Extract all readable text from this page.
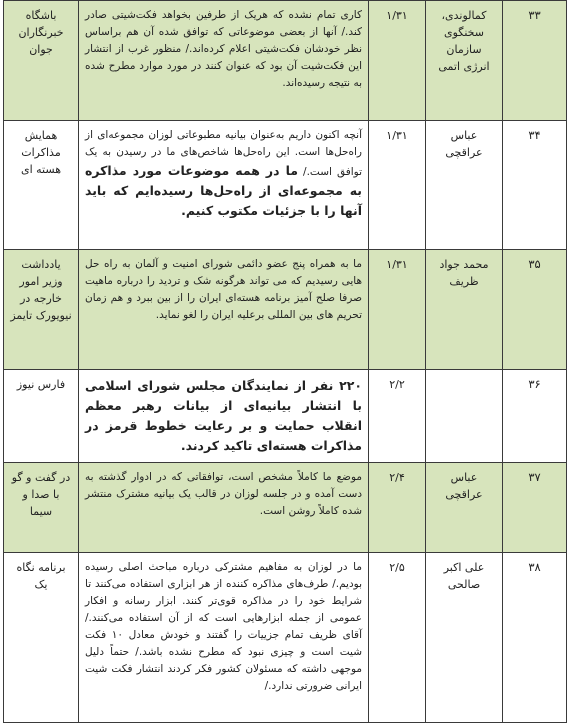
۳۳	کمالوندی، سخنگوی سازمان انرژی اتمی	۱/۳۱	کاری تمام نشده که هریک از طرفین بخواهد فکت‌شیتی صادر کند./ آنها از بعضی موضوعاتی که توافق شده آن هم براساس نظر خودشان فکت‌شیتی اعلام کرده‌اند./ منظور غرب از انتشار این فکت‌شیت آن بود که عنوان کنند در مورد موارد مطرح شده به نتیجه رسیده‌اند.	باشگاه خبرنگاران جوان
۳۴	عباس عراقچی	۱/۳۱	آنچه اکنون داریم به‌عنوان بیانیه مطبوعاتی لوزان مجموعه‌ای از راه‌حل‌ها است. این راه‌حل‌ها شاخص‌های ما در رسیدن به یک توافق است./ ما در همه موضوعات مورد مذاکره به مجموعه‌ای از راه‌حل‌ها رسیده‌ایم که باید آنها را با جزئیات مکتوب کنیم.	همایش مذاکرات هسته ای
۳۵	محمد جواد ظریف	۱/۳۱	ما به همراه پنج عضو دائمی شورای امنیت و آلمان به راه حل هایی رسیدیم که می تواند هرگونه شک و تردید را درباره ماهیت صرفا صلح آمیز برنامه هسته‌ای ایران را از بین ببرد و هم زمان تحریم های بین المللی برعلیه ایران را لغو نماید.	یادداشت وزیر امور خارجه در نیویورک تایمز
۳۶		۲/۲	۲۲۰ نفر از نمایندگان مجلس شورای اسلامی با انتشار بیانیه‌ای از بیانات رهبر معظم انقلاب حمایت و بر رعایت خطوط قرمز در مذاکرات هسته‌ای تاکید کردند.	فارس نیوز
۳۷	عباس عراقچی	۲/۴	موضع ما کاملاً مشخص است، توافقاتی که در ادوار گذشته به دست آمده و در جلسه لوزان در قالب یک بیانیه مشترک منتشر شده کاملاً روشن است.	در گفت و گو با صدا و سیما
۳۸	علی اکبر صالحی	۲/۵	ما در لوزان به مفاهیم مشترکی درباره مباحث اصلی رسیده بودیم./ طرف‌های مذاکره کننده از هر ابزاری استفاده می‌کنند تا شرایط خود را در مذاکره قوی‌تر کنند. ابزار رسانه و افکار عمومی از جمله ابزارهایی است که از آن استفاده می‌کنند./ آقای ظریف تمام جزییات را گفتند و خودش معادل ۱۰ فکت شیت است و چیزی نبود که مطرح نشده باشد./ حتماً دلیل موجهی داشته که مسئولان کشور فکر کردند انتشار فکت شیت ایرانی ضرورتی ندارد./	برنامه نگاه یک
